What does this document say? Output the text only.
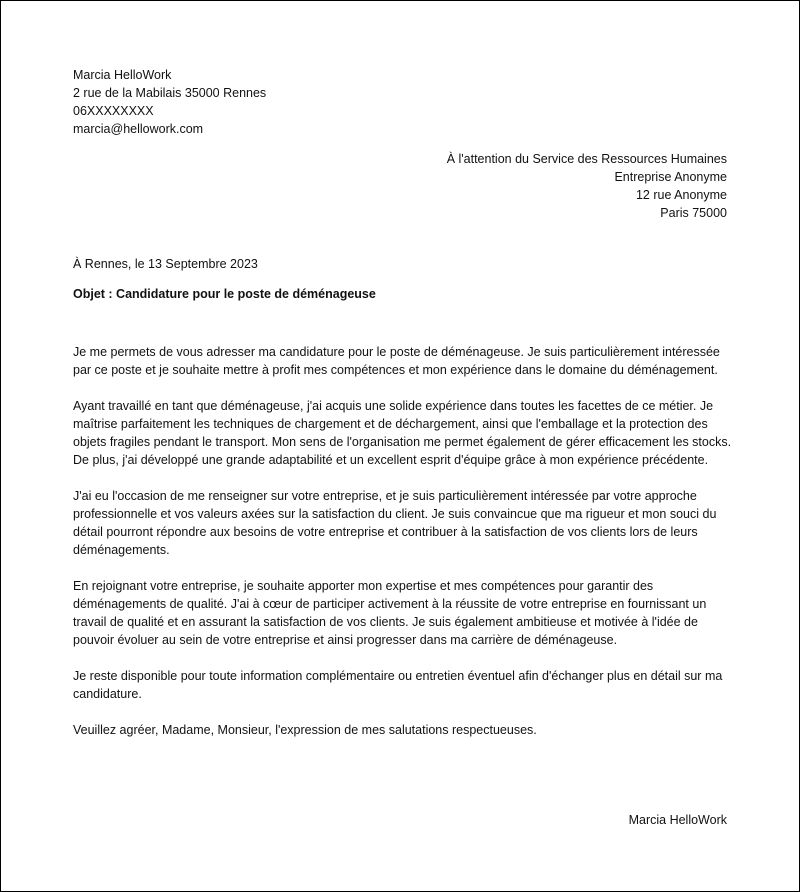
Marcia HelloWork
2 rue de la Mabilais 35000 Rennes
06XXXXXXXX
marcia@hellowork.com
À l'attention du Service des Ressources Humaines
Entreprise Anonyme
12 rue Anonyme
Paris 75000
À Rennes, le 13 Septembre 2023
Objet : Candidature pour le poste de déménageuse

Je me permets de vous adresser ma candidature pour le poste de déménageuse. Je suis particulièrement intéressée par ce poste et je souhaite mettre à profit mes compétences et mon expérience dans le domaine du déménagement.

Ayant travaillé en tant que déménageuse, j'ai acquis une solide expérience dans toutes les facettes de ce métier. Je maîtrise parfaitement les techniques de chargement et de déchargement, ainsi que l'emballage et la protection des objets fragiles pendant le transport. Mon sens de l'organisation me permet également de gérer efficacement les stocks. De plus, j'ai développé une grande adaptabilité et un excellent esprit d'équipe grâce à mon expérience précédente.

J'ai eu l'occasion de me renseigner sur votre entreprise, et je suis particulièrement intéressée par votre approche professionnelle et vos valeurs axées sur la satisfaction du client. Je suis convaincue que ma rigueur et mon souci du détail pourront répondre aux besoins de votre entreprise et contribuer à la satisfaction de vos clients lors de leurs déménagements.

En rejoignant votre entreprise, je souhaite apporter mon expertise et mes compétences pour garantir des déménagements de qualité. J'ai à cœur de participer activement à la réussite de votre entreprise en fournissant un travail de qualité et en assurant la satisfaction de vos clients. Je suis également ambitieuse et motivée à l'idée de pouvoir évoluer au sein de votre entreprise et ainsi progresser dans ma carrière de déménageuse.

Je reste disponible pour toute information complémentaire ou entretien éventuel afin d'échanger plus en détail sur ma candidature.

Veuillez agréer, Madame, Monsieur, l'expression de mes salutations respectueuses.

Marcia HelloWork
